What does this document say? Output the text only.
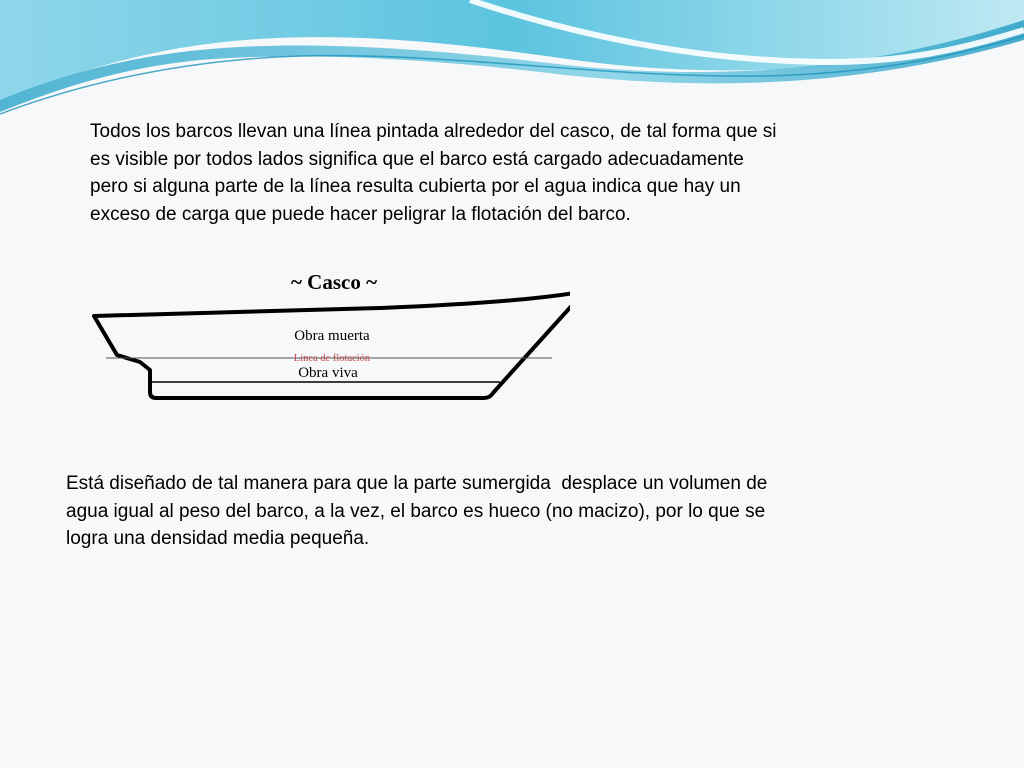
Todos los barcos llevan una línea pintada alrededor del casco, de tal forma que si
es visible por todos lados significa que el barco está cargado adecuadamente
pero si alguna parte de la línea resulta cubierta por el agua indica que hay un
exceso de carga que puede hacer peligrar la flotación del barco.

~ Casco ~
Obra muerta
Línea de flotación
Obra viva

Está diseñado de tal manera para que la parte sumergida  desplace un volumen de
agua igual al peso del barco, a la vez, el barco es hueco (no macizo), por lo que se
logra una densidad media pequeña.
